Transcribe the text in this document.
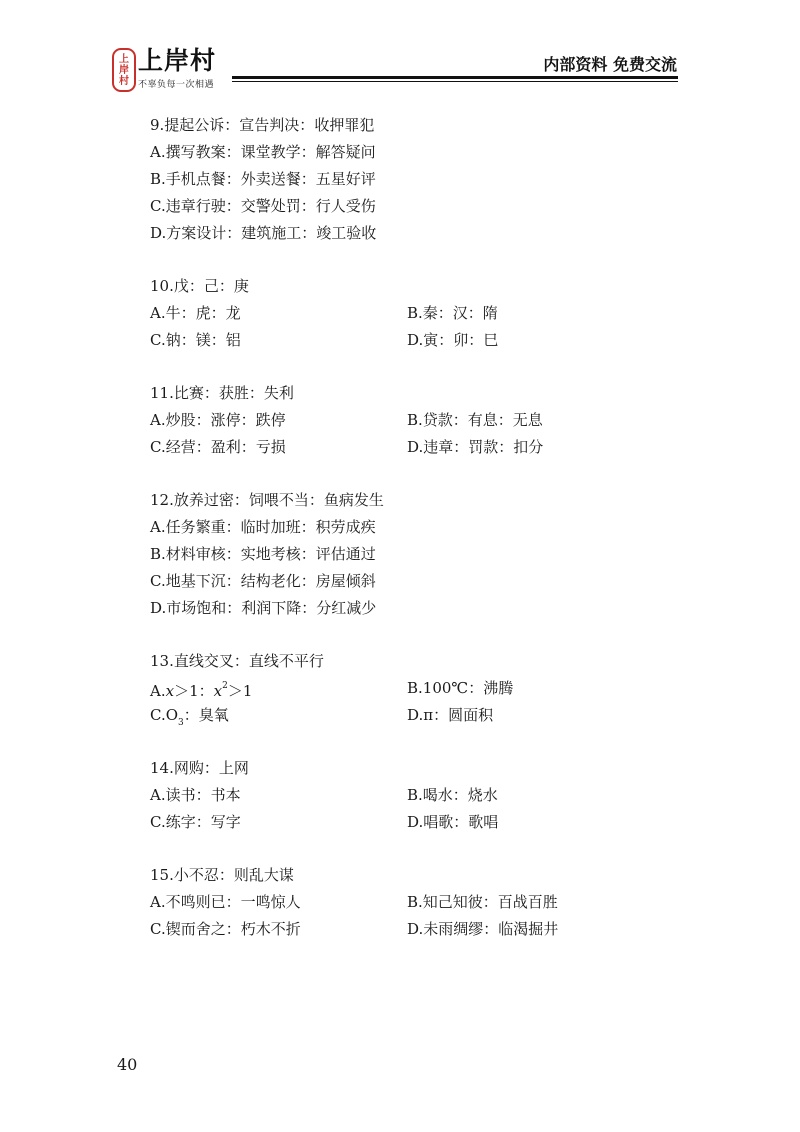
上
岸
村
上岸村
不辜负每一次相遇
内部资料 免费交流
9.提起公诉：宣告判决：收押罪犯
A.撰写教案：课堂教学：解答疑问
B.手机点餐：外卖送餐：五星好评
C.违章行驶：交警处罚：行人受伤
D.方案设计：建筑施工：竣工验收
10.戊：己：庚
A.牛：虎：龙	B.秦：汉：隋
C.钠：镁：铝	D.寅：卯：巳
11.比赛：获胜：失利
A.炒股：涨停：跌停	B.贷款：有息：无息
C.经营：盈利：亏损	D.违章：罚款：扣分
12.放养过密：饲喂不当：鱼病发生
A.任务繁重：临时加班：积劳成疾
B.材料审核：实地考核：评估通过
C.地基下沉：结构老化：房屋倾斜
D.市场饱和：利润下降：分红减少
13.直线交叉：直线不平行
A.x＞1：$x^2>1$	B.100℃：沸腾
$C.O_3$：臭氧	D.π：圆面积
14.网购：上网
A.读书：书本	B.喝水：烧水
C.练字：写字	D.唱歌：歌唱
15.小不忍：则乱大谋
A.不鸣则已：一鸣惊人	B.知己知彼：百战百胜
C.锲而舍之：朽木不折	D.未雨绸缪：临渴掘井
40
